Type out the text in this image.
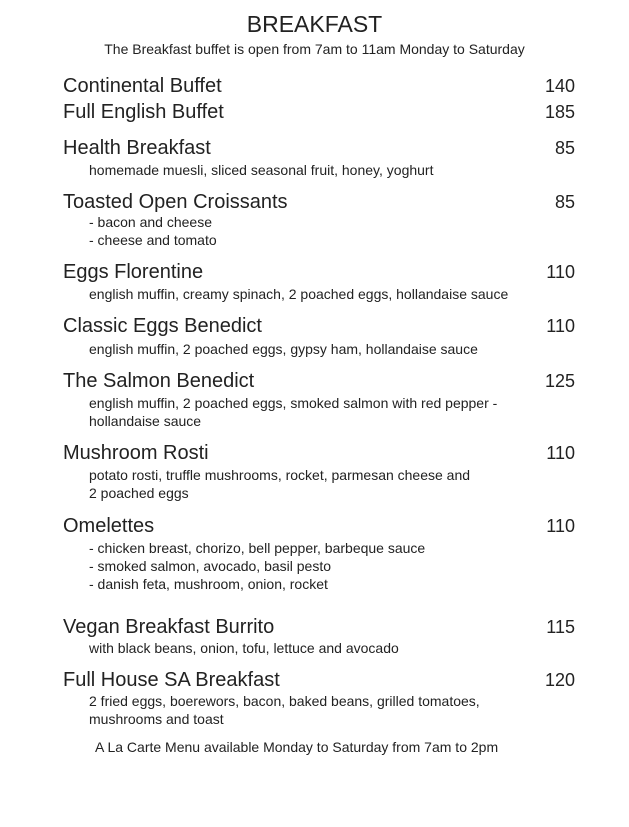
BREAKFAST
The Breakfast buffet is open from 7am to 11am Monday to Saturday
Continental Buffet	140
Full English Buffet	185
Health Breakfast	85
homemade muesli, sliced seasonal fruit, honey, yoghurt
Toasted Open Croissants	85
- bacon and cheese
- cheese and tomato
Eggs Florentine	110
english muffin, creamy spinach, 2 poached eggs, hollandaise sauce
Classic Eggs Benedict	110
english muffin, 2 poached eggs, gypsy ham, hollandaise sauce
The Salmon Benedict	125
english muffin, 2 poached eggs, smoked salmon with red pepper -
hollandaise sauce
Mushroom Rosti	110
potato rosti, truffle mushrooms, rocket, parmesan cheese and
2 poached eggs
Omelettes	110
- chicken breast, chorizo, bell pepper, barbeque sauce
- smoked salmon, avocado, basil pesto
- danish feta, mushroom, onion, rocket
Vegan Breakfast Burrito	115
with black beans, onion, tofu, lettuce and avocado
Full House SA Breakfast	120
2 fried eggs, boerewors, bacon, baked beans, grilled tomatoes,
mushrooms and toast
A La Carte Menu available Monday to Saturday from 7am to 2pm
